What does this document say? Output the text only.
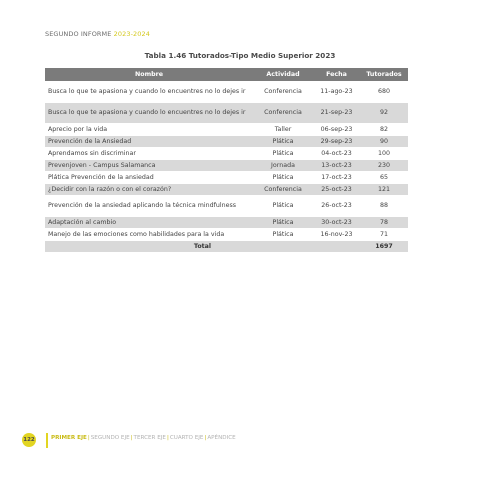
SEGUNDO INFORME 2023-2024
Tabla 1.46 Tutorados-Tipo Medio Superior 2023
Nombre	Actividad	Fecha	Tutorados
Busca lo que te apasiona y cuando lo encuentres no lo dejes ir	Conferencia	11-ago-23	680
Busca lo que te apasiona y cuando lo encuentres no lo dejes ir	Conferencia	21-sep-23	92
Aprecio por la vida	Taller	06-sep-23	82
Prevención de la Ansiedad	Plática	29-sep-23	90
Aprendamos sin discriminar	Plática	04-oct-23	100
Prevenjoven - Campus Salamanca	Jornada	13-oct-23	230
Plática Prevención de la ansiedad	Plática	17-oct-23	65
¿Decidir con la razón o con el corazón?	Conferencia	25-oct-23	121
Prevención de la ansiedad aplicando la técnica mindfulness	Plática	26-oct-23	88
Adaptación al cambio	Plática	30-oct-23	78
Manejo de las emociones como habilidades para la vida	Plática	16-nov-23	71
Total			1697
122	PRIMER EJE|SEGUNDO EJE|TERCER EJE|CUARTO EJE|APÉNDICE
